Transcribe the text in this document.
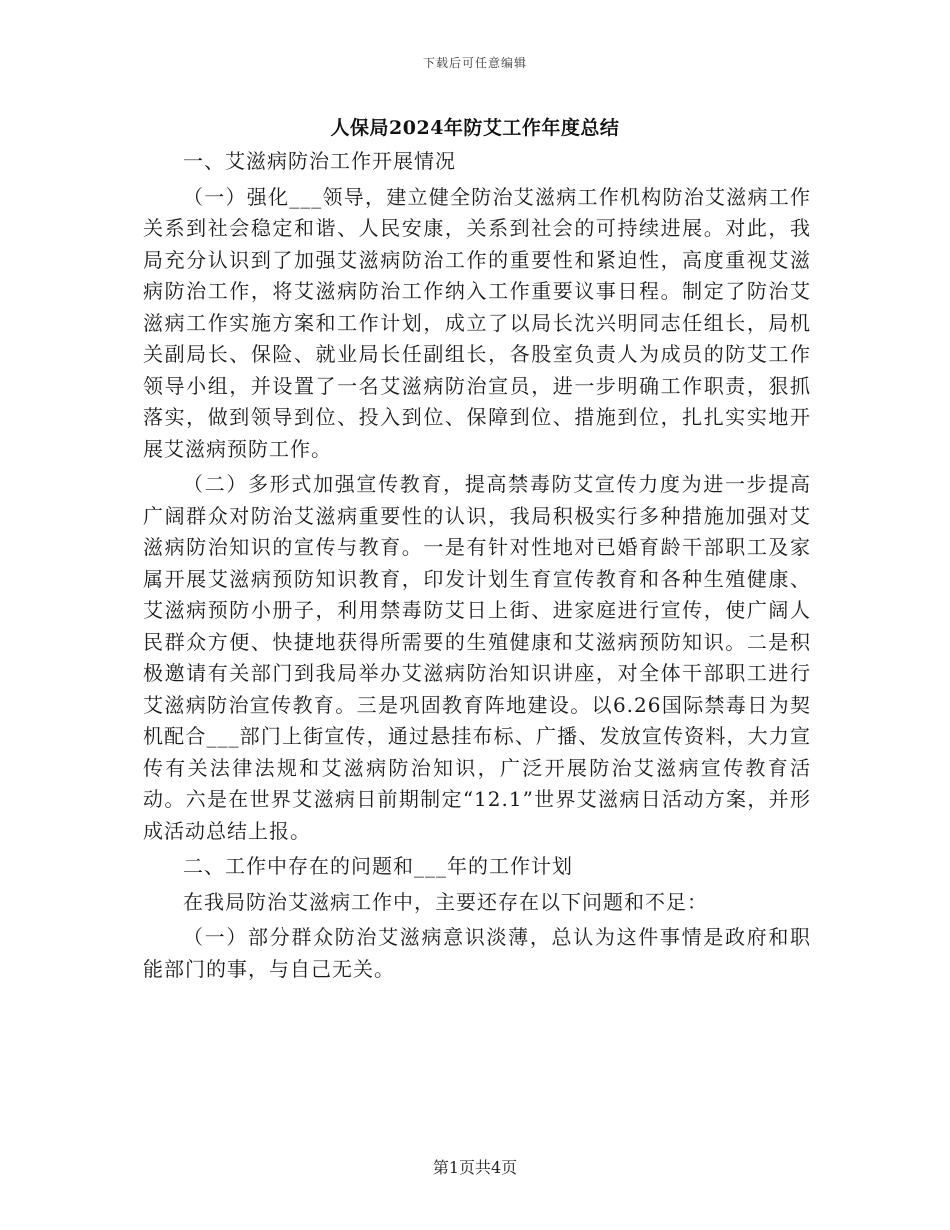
下载后可任意编辑
人保局2024年防艾工作年度总结

一、艾滋病防治工作开展情况

（一）强化___领导，建立健全防治艾滋病工作机构防治艾滋病工作关系到社会稳定和谐、人民安康，关系到社会的可持续进展。对此，我局充分认识到了加强艾滋病防治工作的重要性和紧迫性，高度重视艾滋病防治工作，将艾滋病防治工作纳入工作重要议事日程。制定了防治艾滋病工作实施方案和工作计划，成立了以局长沈兴明同志任组长，局机关副局长、保险、就业局长任副组长，各股室负责人为成员的防艾工作领导小组，并设置了一名艾滋病防治宣员，进一步明确工作职责，狠抓落实，做到领导到位、投入到位、保障到位、措施到位，扎扎实实地开展艾滋病预防工作。

（二）多形式加强宣传教育，提高禁毒防艾宣传力度为进一步提高广阔群众对防治艾滋病重要性的认识，我局积极实行多种措施加强对艾滋病防治知识的宣传与教育。一是有针对性地对已婚育龄干部职工及家属开展艾滋病预防知识教育，印发计划生育宣传教育和各种生殖健康、艾滋病预防小册子，利用禁毒防艾日上街、进家庭进行宣传，使广阔人民群众方便、快捷地获得所需要的生殖健康和艾滋病预防知识。二是积极邀请有关部门到我局举办艾滋病防治知识讲座，对全体干部职工进行艾滋病防治宣传教育。三是巩固教育阵地建设。以6.26国际禁毒日为契机配合___部门上街宣传，通过悬挂布标、广播、发放宣传资料，大力宣传有关法律法规和艾滋病防治知识，广泛开展防治艾滋病宣传教育活动。六是在世界艾滋病日前期制定“12.1”世界艾滋病日活动方案，并形成活动总结上报。

二、工作中存在的问题和___年的工作计划

在我局防治艾滋病工作中，主要还存在以下问题和不足：

（一）部分群众防治艾滋病意识淡薄，总认为这件事情是政府和职能部门的事，与自己无关。

第1页共4页
